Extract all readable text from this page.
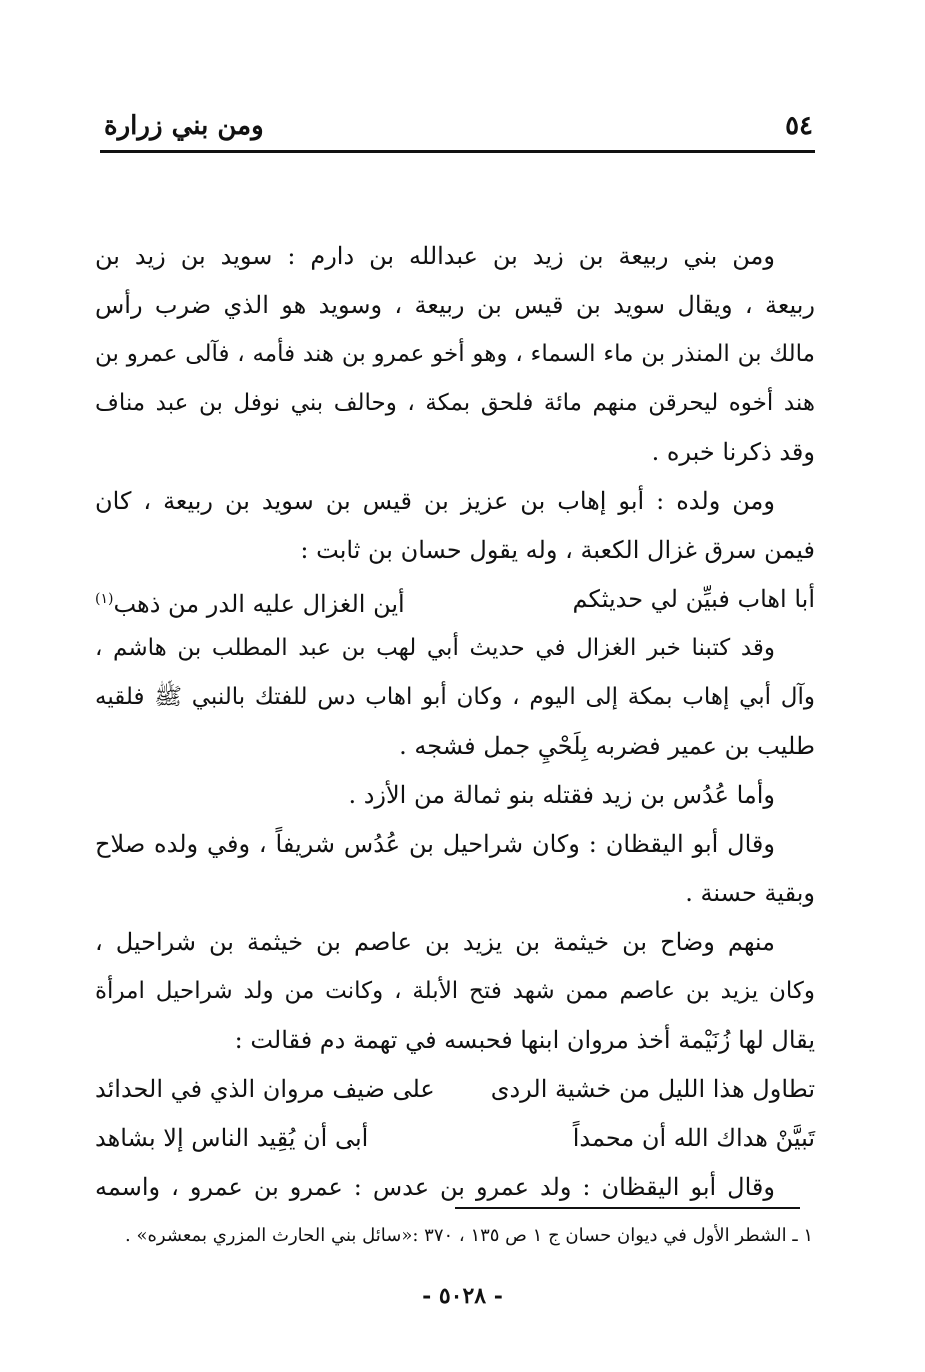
٥٤
ومن بني زرارة
ومن بني ربيعة بن زيد بن عبدالله بن دارم : سويد بن زيد بن
ربيعة ، ويقال سويد بن قيس بن ربيعة ، وسويد هو الذي ضرب رأس
مالك بن المنذر بن ماء السماء ، وهو أخو عمرو بن هند فأمه ، فآلى عمرو بن
هند أخوه ليحرقن منهم مائة فلحق بمكة ، وحالف بني نوفل بن عبد مناف
وقد ذكرنا خبره .
ومن ولده : أبو إهاب بن عزيز بن قيس بن سويد بن ربيعة ، كان
فيمن سرق غزال الكعبة ، وله يقول حسان بن ثابت :
أبا اهاب فبيِّن لي حديثكم
أين الغزال عليه الدر من ذهب$^{(١)}$
وقد كتبنا خبر الغزال في حديث أبي لهب بن عبد المطلب بن هاشم ،
وآل أبي إهاب بمكة إلى اليوم ، وكان أبو اهاب دس للفتك بالنبي ﷺ فلقيه
طليب بن عمير فضربه بِلَحْيِ جمل فشجه .
وأما عُدُس بن زيد فقتله بنو ثمالة من الأزد .
وقال أبو اليقظان : وكان شراحيل بن عُدُس شريفاً ، وفي ولده صلاح
وبقية حسنة .
منهم وضاح بن خيثمة بن يزيد بن عاصم بن خيثمة بن شراحيل ،
وكان يزيد بن عاصم ممن شهد فتح الأبلة ، وكانت من ولد شراحيل امرأة
يقال لها زُنَيْمة أخذ مروان ابنها فحبسه في تهمة دم فقالت :
تطاول هذا الليل من خشية الردى
على ضيف مروان الذي في الحدائد
تَبيَّنْ هداك الله أن محمداً
أبى أن يُقِيد الناس إلا بشاهد
وقال أبو اليقظان : ولد عمرو بن عدس : عمرو بن عمرو ، واسمه
١ ـ الشطر الأول في ديوان حسان ج ١ ص ١٣٥ ، ٣٧٠ :«سائل بني الحارث المزري بمعشره» .
- ٥٠٢٨ -
